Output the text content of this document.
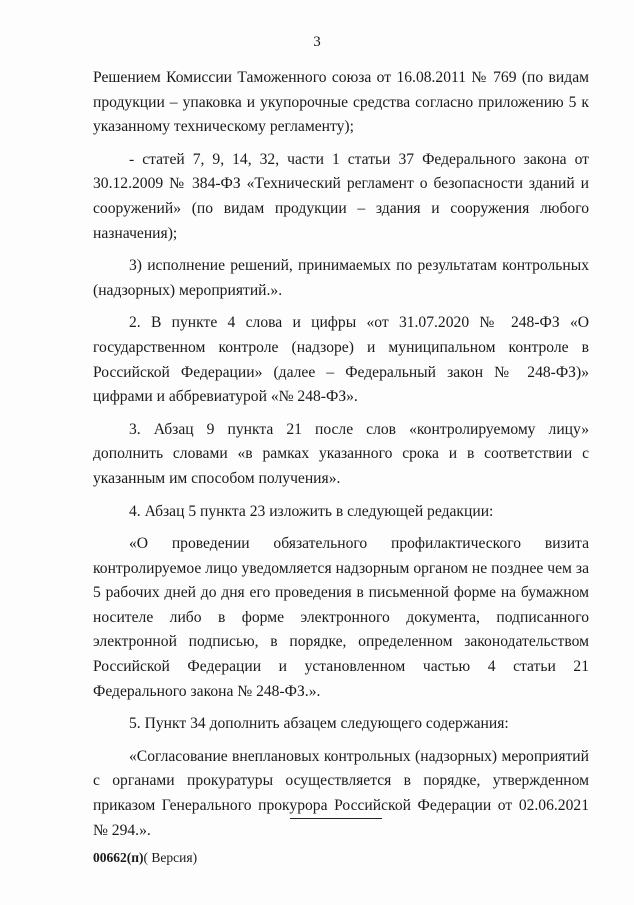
3

Решением Комиссии Таможенного союза от 16.08.2011 № 769 (по видам продукции – упаковка и укупорочные средства согласно приложению 5 к указанному техническому регламенту);

- статей 7, 9, 14, 32, части 1 статьи 37 Федерального закона от 30.12.2009 № 384-ФЗ «Технический регламент о безопасности зданий и сооружений» (по видам продукции – здания и сооружения любого назначения);

3) исполнение решений, принимаемых по результатам контрольных (надзорных) мероприятий.».

2. В пункте 4 слова и цифры «от 31.07.2020 № 248-ФЗ «О государственном контроле (надзоре) и муниципальном контроле в Российской Федерации» (далее – Федеральный закон № 248-ФЗ)» цифрами и аббревиатурой «№ 248-ФЗ».

3. Абзац 9 пункта 21 после слов «контролируемому лицу» дополнить словами «в рамках указанного срока и в соответствии с указанным им способом получения».

4. Абзац 5 пункта 23 изложить в следующей редакции:

«О проведении обязательного профилактического визита контролируемое лицо уведомляется надзорным органом не позднее чем за 5 рабочих дней до дня его проведения в письменной форме на бумажном носителе либо в форме электронного документа, подписанного электронной подписью, в порядке, определенном законодательством Российской Федерации и установленном частью 4 статьи 21 Федерального закона № 248-ФЗ.».

5. Пункт 34 дополнить абзацем следующего содержания:

«Согласование внеплановых контрольных (надзорных) мероприятий с органами прокуратуры осуществляется в порядке, утвержденном приказом Генерального прокурора Российской Федерации от 02.06.2021 № 294.».

00662(п)( Версия)
